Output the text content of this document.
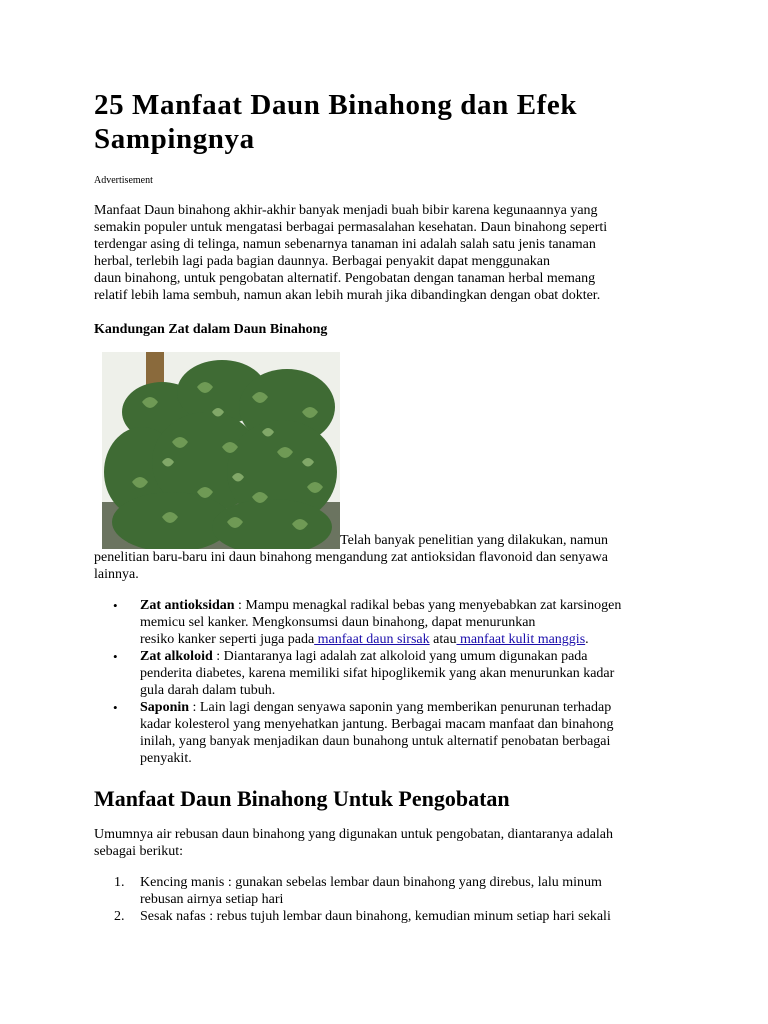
25 Manfaat Daun Binahong dan Efek Sampingnya
Advertisement

Manfaat Daun binahong akhir-akhir banyak menjadi buah bibir karena kegunaannya yang
semakin populer untuk mengatasi berbagai permasalahan kesehatan. Daun binahong seperti
terdengar asing di telinga, namun sebenarnya tanaman ini adalah salah satu jenis tanaman
herbal, terlebih lagi pada bagian daunnya. Berbagai penyakit dapat menggunakan
daun binahong, untuk pengobatan alternatif. Pengobatan dengan tanaman herbal memang
relatif lebih lama sembuh, namun akan lebih murah jika dibandingkan dengan obat dokter.

Kandungan Zat dalam Daun Binahong

Telah banyak penelitian yang dilakukan, namun
penelitian baru-baru ini daun binahong mengandung zat antioksidan flavonoid dan senyawa
lainnya.

• Zat antioksidan : Mampu menagkal radikal bebas yang menyebabkan zat karsinogen
memicu sel kanker. Mengkonsumsi daun binahong, dapat menurunkan
resiko kanker seperti juga pada manfaat daun sirsak atau manfaat kulit manggis.
• Zat alkoloid : Diantaranya lagi adalah zat alkoloid yang umum digunakan pada
penderita diabetes, karena memiliki sifat hipoglikemik yang akan menurunkan kadar
gula darah dalam tubuh.
• Saponin : Lain lagi dengan senyawa saponin yang memberikan penurunan terhadap
kadar kolesterol yang menyehatkan jantung. Berbagai macam manfaat dan binahong
inilah, yang banyak menjadikan daun bunahong untuk alternatif penobatan berbagai
penyakit.
Manfaat Daun Binahong Untuk Pengobatan

Umumnya air rebusan daun binahong yang digunakan untuk pengobatan, diantaranya adalah
sebagai berikut:

1. Kencing manis : gunakan sebelas lembar daun binahong yang direbus, lalu minum
rebusan airnya setiap hari
2. Sesak nafas : rebus tujuh lembar daun binahong, kemudian minum setiap hari sekali
